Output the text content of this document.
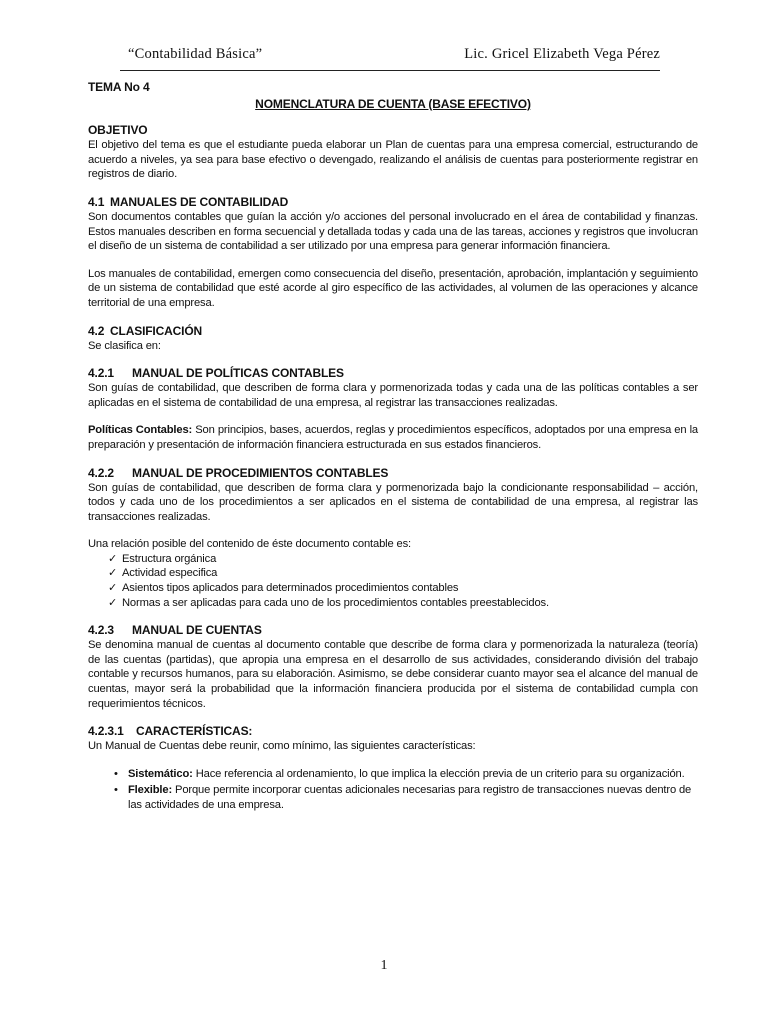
“Contabilidad Básica”	Lic. Gricel Elizabeth Vega Pérez
TEMA No 4
NOMENCLATURA DE CUENTA (BASE EFECTIVO)
OBJETIVO

El objetivo del tema es que el estudiante pueda elaborar un Plan de cuentas para una empresa comercial, estructurando de acuerdo a niveles, ya sea para base efectivo o devengado, realizando el análisis de cuentas para posteriormente registrar en registros de diario.

4.1 MANUALES DE CONTABILIDAD

Son documentos contables que guían la acción y/o acciones del personal involucrado en el área de contabilidad y finanzas. Estos manuales describen en forma secuencial y detallada todas y cada una de las tareas, acciones y registros que involucran el diseño de un sistema de contabilidad a ser utilizado por una empresa para generar información financiera.

Los manuales de contabilidad, emergen como consecuencia del diseño, presentación, aprobación, implantación y seguimiento de un sistema de contabilidad que esté acorde al giro específico de las actividades, al volumen de las operaciones y alcance territorial de una empresa.

4.2 CLASIFICACIÓN

Se clasifica en:

4.2.1 MANUAL DE POLÍTICAS CONTABLES

Son guías de contabilidad, que describen de forma clara y pormenorizada todas y cada una de las políticas contables a ser aplicadas en el sistema de contabilidad de una empresa, al registrar las transacciones realizadas.

Políticas Contables: Son principios, bases, acuerdos, reglas y procedimientos específicos, adoptados por una empresa en la preparación y presentación de información financiera estructurada en sus estados financieros.

4.2.2 MANUAL DE PROCEDIMIENTOS CONTABLES

Son guías de contabilidad, que describen de forma clara y pormenorizada bajo la condicionante responsabilidad – acción, todos y cada uno de los procedimientos a ser aplicados en el sistema de contabilidad de una empresa, al registrar las transacciones realizadas.

Una relación posible del contenido de éste documento contable es:

✓ Estructura orgánica
✓ Actividad especifica
✓ Asientos tipos aplicados para determinados procedimientos contables
✓ Normas a ser aplicadas para cada uno de los procedimientos contables preestablecidos.
4.2.3 MANUAL DE CUENTAS

Se denomina manual de cuentas al documento contable que describe de forma clara y pormenorizada la naturaleza (teoría) de las cuentas (partidas), que apropia una empresa en el desarrollo de sus actividades, considerando división del trabajo contable y recursos humanos, para su elaboración. Asimismo, se debe considerar cuanto mayor sea el alcance del manual de cuentas, mayor será la probabilidad que la información financiera producida por el sistema de contabilidad cumpla con requerimientos técnicos.

4.2.3.1 CARACTERÍSTICAS:

Un Manual de Cuentas debe reunir, como mínimo, las siguientes características:

• Sistemático: Hace referencia al ordenamiento, lo que implica la elección previa de un criterio para su organización.
• Flexible: Porque permite incorporar cuentas adicionales necesarias para registro de transacciones nuevas dentro de las actividades de una empresa.
1
